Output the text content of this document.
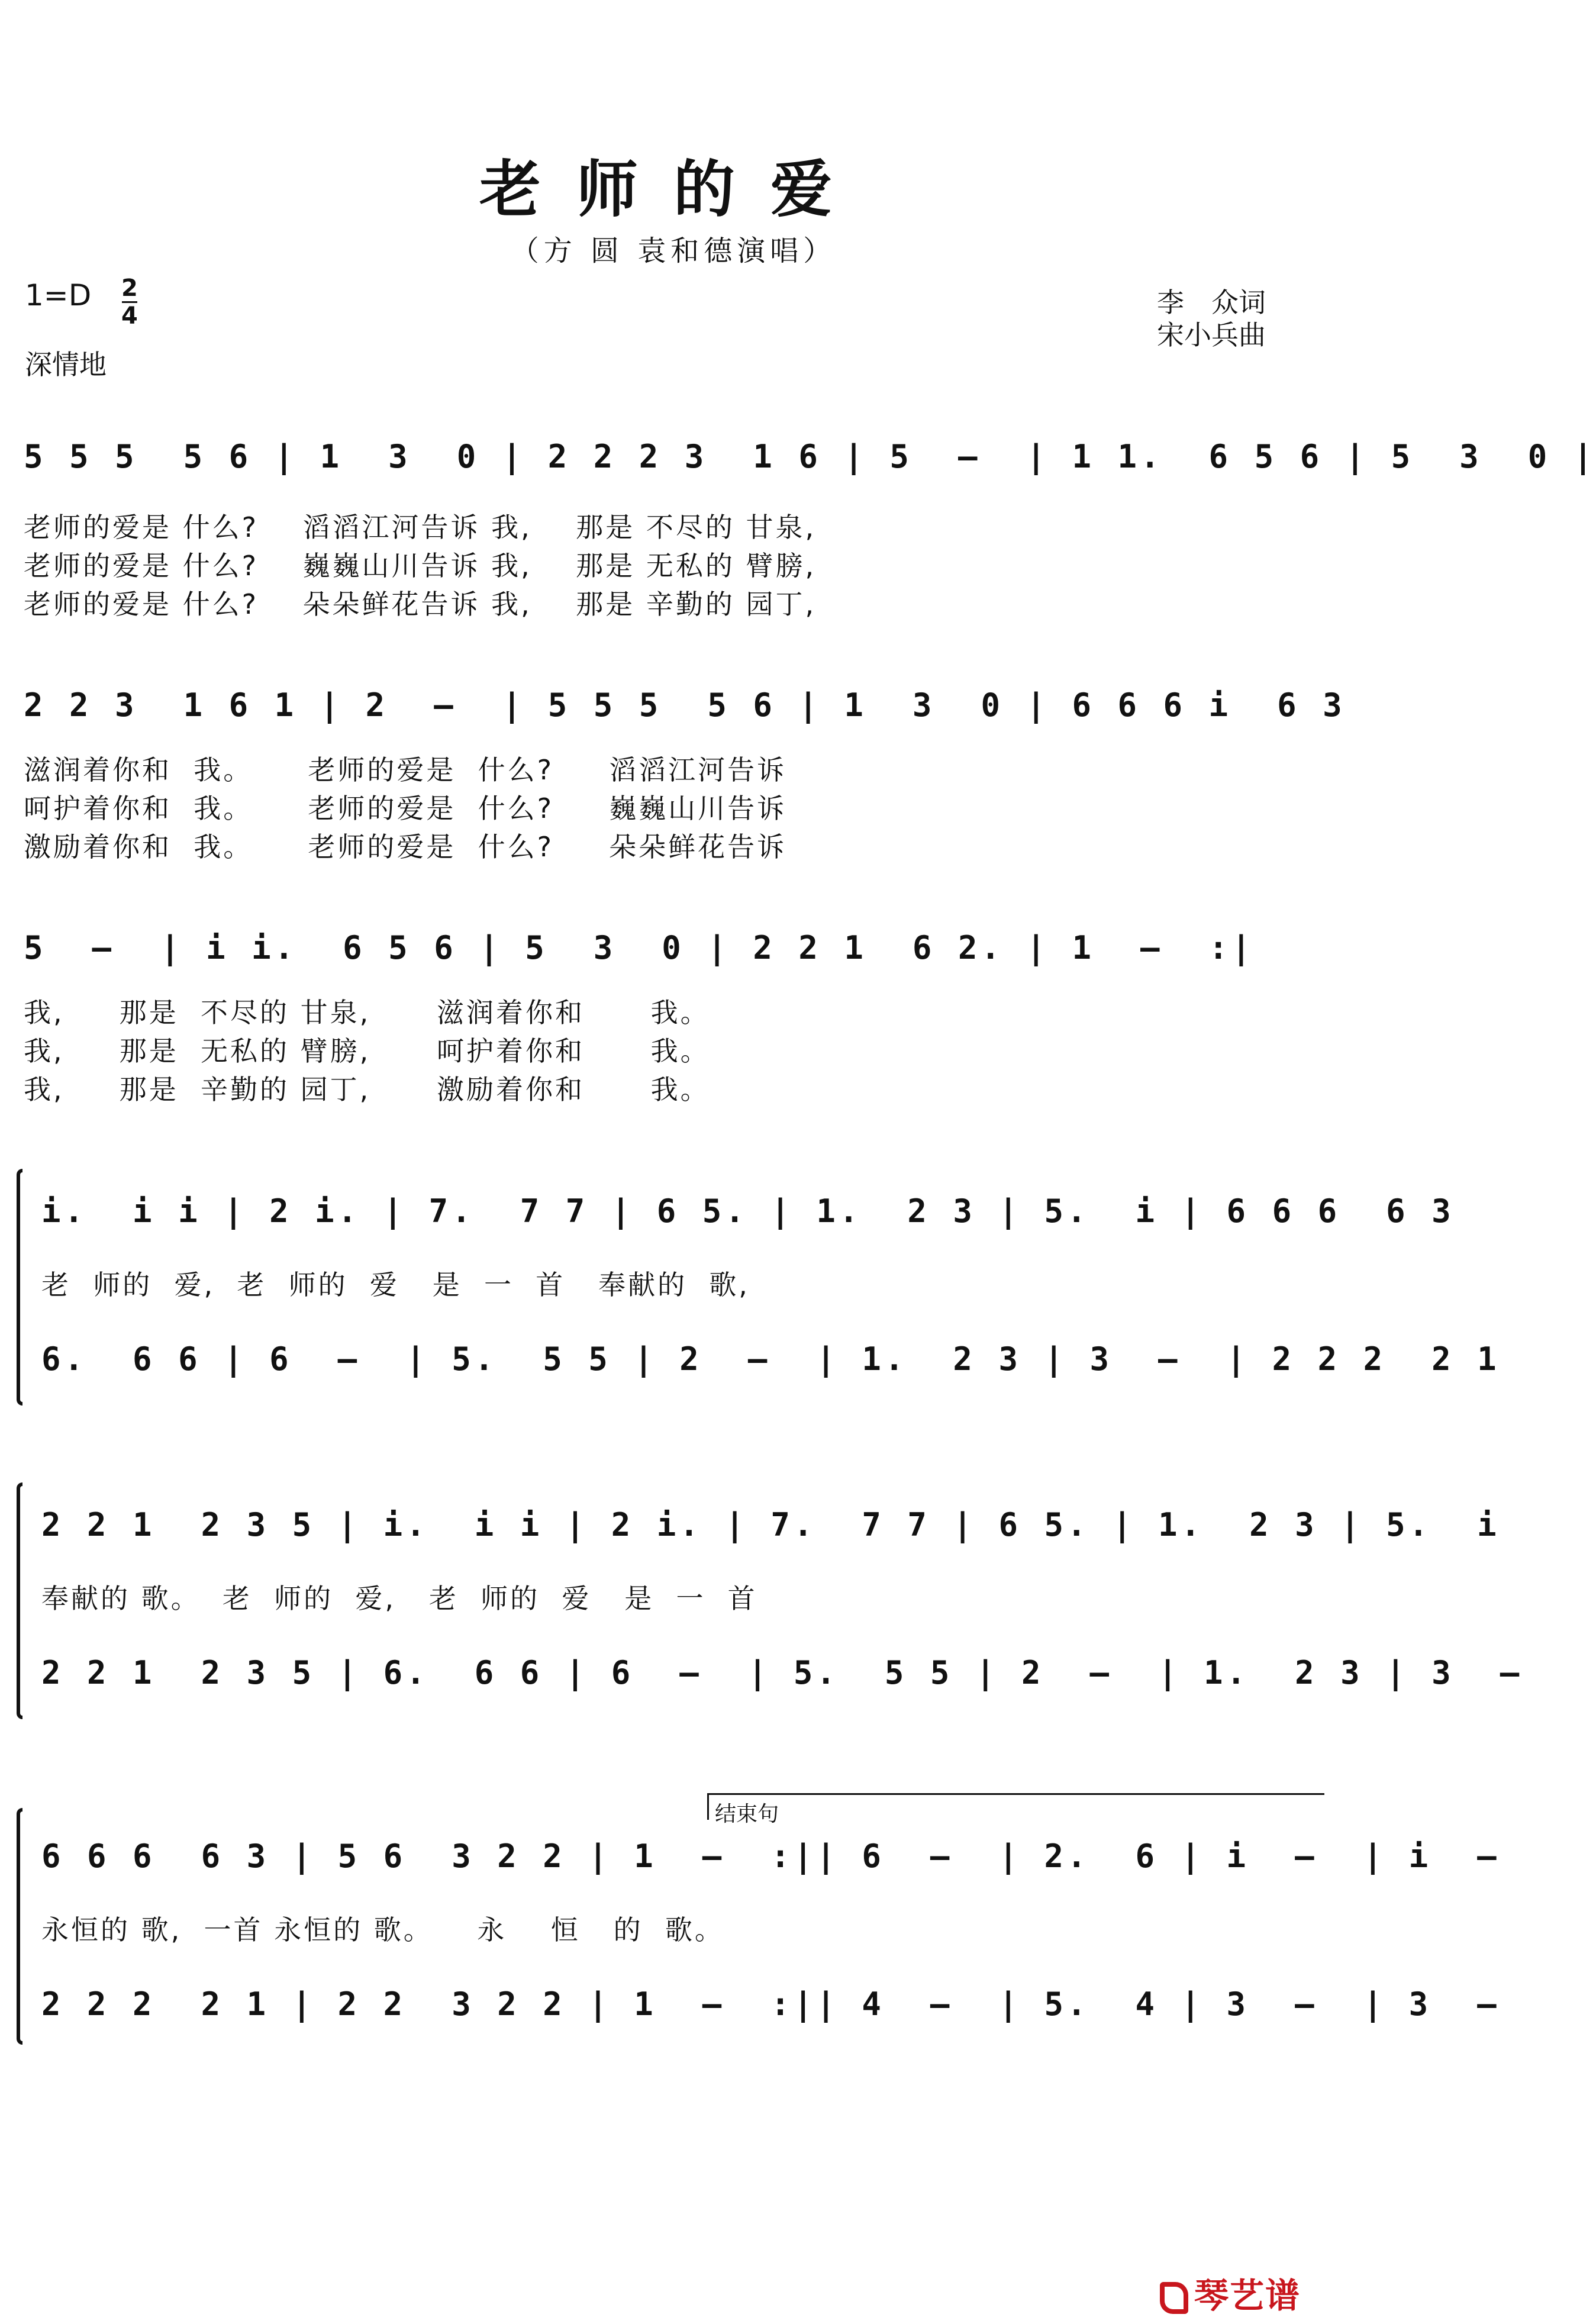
老师的爱
（方 圆 袁和德演唱）
1=D 2
4
深情地
李　众词
宋小兵曲
5 5 5  5 6 | 1  3  0 | 2 2 2 3  1 6 | 5  –  | 1 1.  6 5 6 | 5  3  0 |
老师的爱是 什么?    滔滔江河告诉 我,    那是 不尽的 甘泉,
老师的爱是 什么?    巍巍山川告诉 我,    那是 无私的 臂膀,
老师的爱是 什么?    朵朵鲜花告诉 我,    那是 辛勤的 园丁,
2 2 3  1 6 1 | 2  –  | 5 5 5  5 6 | 1  3  0 | 6 6 6 i  6 3
滋润着你和  我。     老师的爱是  什么?     滔滔江河告诉
呵护着你和  我。     老师的爱是  什么?     巍巍山川告诉
激励着你和  我。     老师的爱是  什么?     朵朵鲜花告诉
5  –  | i i.  6 5 6 | 5  3  0 | 2 2 1  6 2. | 1  –  :|
我,     那是  不尽的 甘泉,      滋润着你和      我。
我,     那是  无私的 臂膀,      呵护着你和      我。
我,     那是  辛勤的 园丁,      激励着你和      我。
i.  i i | 2 i. | 7.  7 7 | 6 5. | 1.  2 3 | 5.  i | 6 6 6  6 3
老  师的  爱,  老  师的  爱   是  一  首   奉献的  歌,
6.  6 6 | 6  –  | 5.  5 5 | 2  –  | 1.  2 3 | 3  –  | 2 2 2  2 1
2 2 1  2 3 5 | i.  i i | 2 i. | 7.  7 7 | 6 5. | 1.  2 3 | 5.  i
奉献的 歌。  老  师的  爱,   老  师的  爱   是  一  首
2 2 1  2 3 5 | 6.  6 6 | 6  –  | 5.  5 5 | 2  –  | 1.  2 3 | 3  –
结束句
6 6 6  6 3 | 5 6  3 2 2 | 1  –  :|| 6  –  | 2.  6 | i  –  | i  –
永恒的 歌,  一首 永恒的 歌。    永    恒   的  歌。
2 2 2  2 1 | 2 2  3 2 2 | 1  –  :|| 4  –  | 5.  4 | 3  –  | 3  –
琴艺谱
